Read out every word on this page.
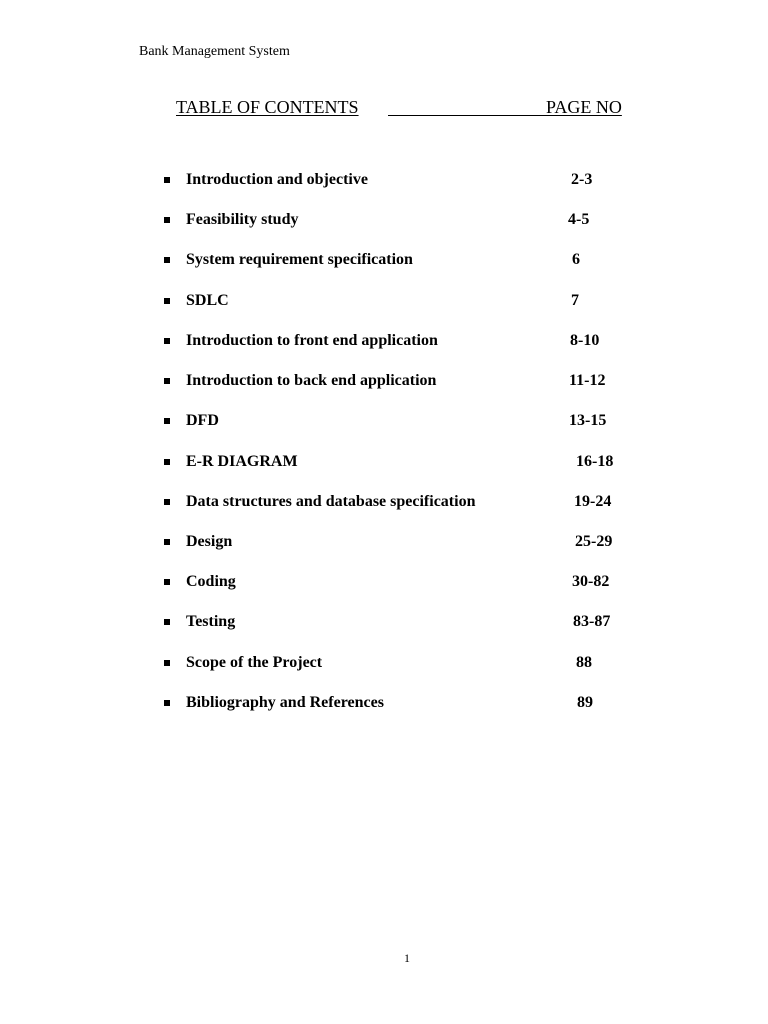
Bank Management System
TABLE OF CONTENTS	PAGE NO
Introduction and objective	2-3
Feasibility study	4-5
System requirement specification	6
SDLC	7
Introduction to front end application	8-10
Introduction to back end application	11-12
DFD	13-15
E-R DIAGRAM	16-18
Data structures and database specification	19-24
Design	25-29
Coding	30-82
Testing	83-87
Scope of the Project	88
Bibliography and References	89
1
